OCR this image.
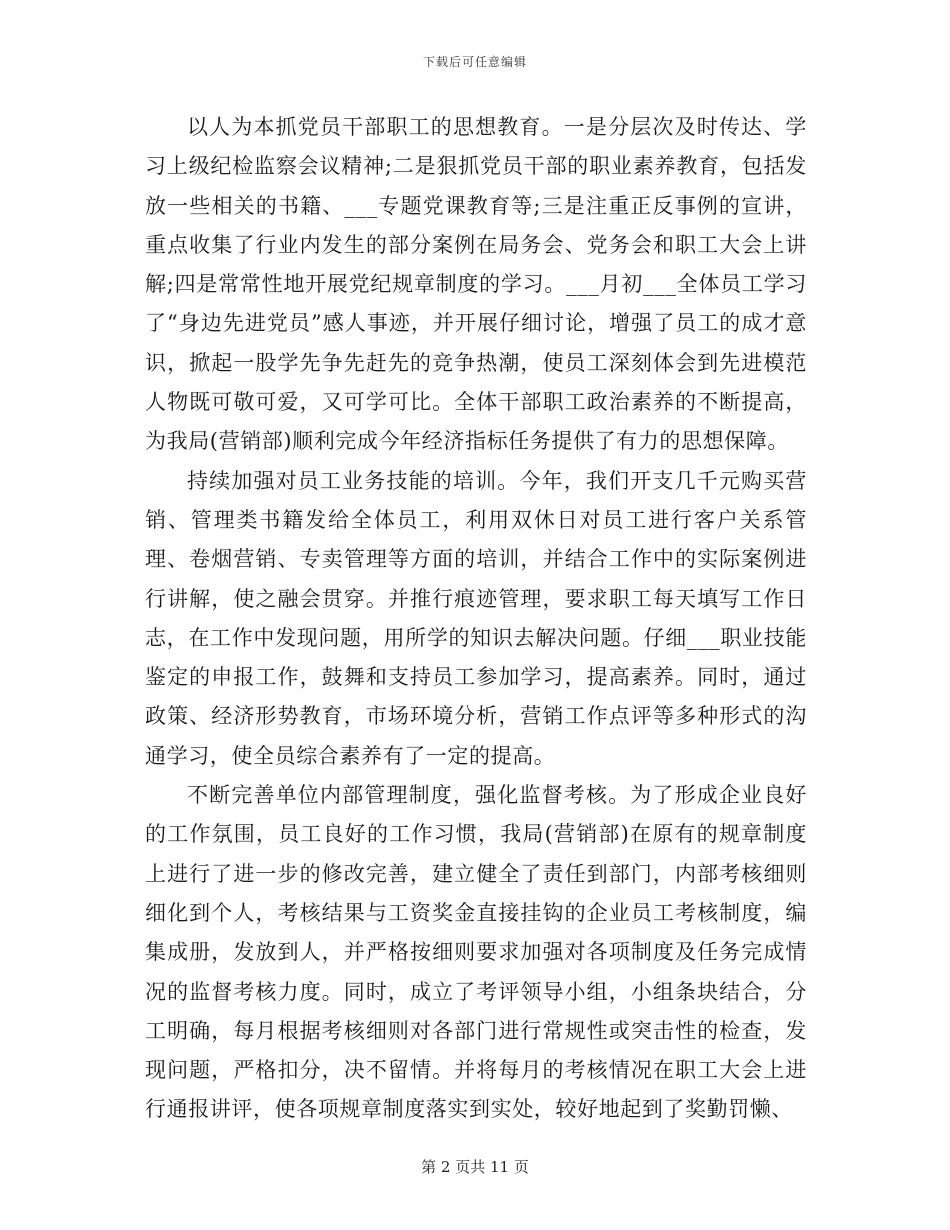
下载后可任意编辑

以人为本抓党员干部职工的思想教育。一是分层次及时传达、学习上级纪检监察会议精神;二是狠抓党员干部的职业素养教育，包括发放一些相关的书籍、___专题党课教育等;三是注重正反事例的宣讲，重点收集了行业内发生的部分案例在局务会、党务会和职工大会上讲解;四是常常性地开展党纪规章制度的学习。___月初___全体员工学习了“身边先进党员”感人事迹，并开展仔细讨论，增强了员工的成才意识，掀起一股学先争先赶先的竞争热潮，使员工深刻体会到先进模范人物既可敬可爱，又可学可比。全体干部职工政治素养的不断提高，为我局(营销部)顺利完成今年经济指标任务提供了有力的思想保障。

持续加强对员工业务技能的培训。今年，我们开支几千元购买营销、管理类书籍发给全体员工，利用双休日对员工进行客户关系管理、卷烟营销、专卖管理等方面的培训，并结合工作中的实际案例进行讲解，使之融会贯穿。并推行痕迹管理，要求职工每天填写工作日志，在工作中发现问题，用所学的知识去解决问题。仔细___职业技能鉴定的申报工作，鼓舞和支持员工参加学习，提高素养。同时，通过政策、经济形势教育，市场环境分析，营销工作点评等多种形式的沟通学习，使全员综合素养有了一定的提高。

不断完善单位内部管理制度，强化监督考核。为了形成企业良好的工作氛围，员工良好的工作习惯，我局(营销部)在原有的规章制度上进行了进一步的修改完善，建立健全了责任到部门，内部考核细则细化到个人，考核结果与工资奖金直接挂钩的企业员工考核制度，编集成册，发放到人，并严格按细则要求加强对各项制度及任务完成情况的监督考核力度。同时，成立了考评领导小组，小组条块结合，分工明确，每月根据考核细则对各部门进行常规性或突击性的检查，发现问题，严格扣分，决不留情。并将每月的考核情况在职工大会上进行通报讲评，使各项规章制度落实到实处，较好地起到了奖勤罚懒、

第 2 页共 11 页
